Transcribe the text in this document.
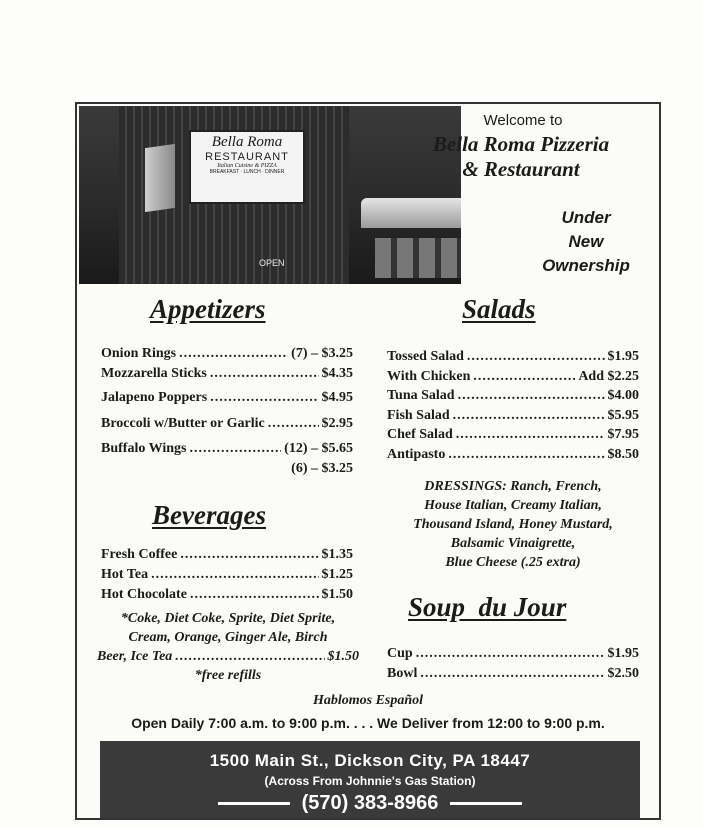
Bella Roma
RESTAURANT
Italian Cuisine & PIZZA
BREAKFAST · LUNCH · DINNER
OPEN
Welcome to
Bella Roma Pizzeria
& Restaurant
Under
New
Ownership
Appetizers
Onion Rings .....	(7) – $3.25
Mozzarella Sticks .....	$4.35
Jalapeno Poppers .....	$4.95
Broccoli w/Butter or Garlic .....	$2.95
Buffalo Wings .....	(12) – $5.65
(6) – $3.25
Beverages
Fresh Coffee .....	$1.35
Hot Tea .....	$1.25
Hot Chocolate .....	$1.50
*Coke, Diet Coke, Sprite, Diet Sprite,
Cream, Orange, Ginger Ale, Birch
Beer, Ice Tea .....	$1.50
*free refills
Salads
Tossed Salad .....	$1.95
With Chicken .....	Add $2.25
Tuna Salad .....	$4.00
Fish Salad .....	$5.95
Chef Salad .....	$7.95
Antipasto .....	$8.50
DRESSINGS: Ranch, French,
House Italian, Creamy Italian,
Thousand Island, Honey Mustard,
Balsamic Vinaigrette,
Blue Cheese (.25 extra)
Soup  du Jour
Cup .....	$1.95
Bowl .....	$2.50
Hablomos Español
Open Daily 7:00 a.m. to 9:00 p.m. . . . We Deliver from 12:00 to 9:00 p.m.
1500 Main St., Dickson City, PA 18447
(Across From Johnnie's Gas Station)
(570) 383-8966
